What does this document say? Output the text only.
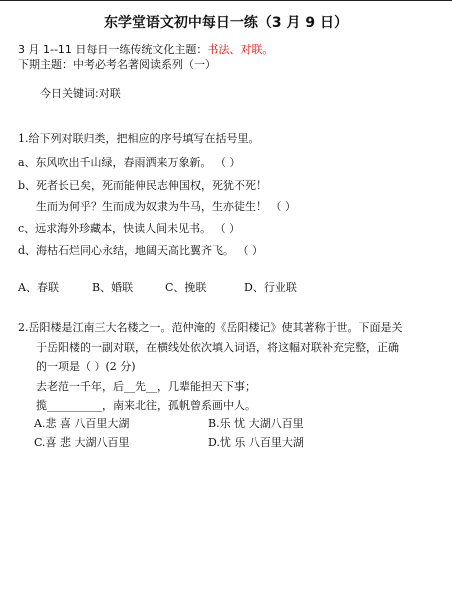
东学堂语文初中每日一练（3 月 9 日）
3 月 1--11 日每日一练传统文化主题：书法、对联。
下期主题：中考必考名著阅读系列（一）
今日关键词:对联
1.给下列对联归类，把相应的序号填写在括号里。
a、东风吹出千山绿，春雨洒来万象新。 （ ）
b、死者长已矣，死而能伸民志伸国权，死犹不死！
生而为何乎？生而成为奴隶为牛马，生亦徒生！ （ ）
c、远求海外珍藏本，快读人间未见书。 （ ）
d、海枯石烂同心永结，地阔天高比翼齐飞。 （ ）
A、春联	B、婚联	C、挽联	D、行业联
2.岳阳楼是江南三大名楼之一。范仲淹的《岳阳楼记》使其著称于世。下面是关
于岳阳楼的一副对联，在横线处依次填入词语，将这幅对联补充完整，正确
的一项是（ ）(2 分)
去老范一千年，后__先__，几辈能担天下事；
揽__________，南来北往，孤帆曾系画中人。
A.悲 喜 八百里大湖	B.乐 忧 大湖八百里
C.喜 悲 大湖八百里	D.忧 乐 八百里大湖
